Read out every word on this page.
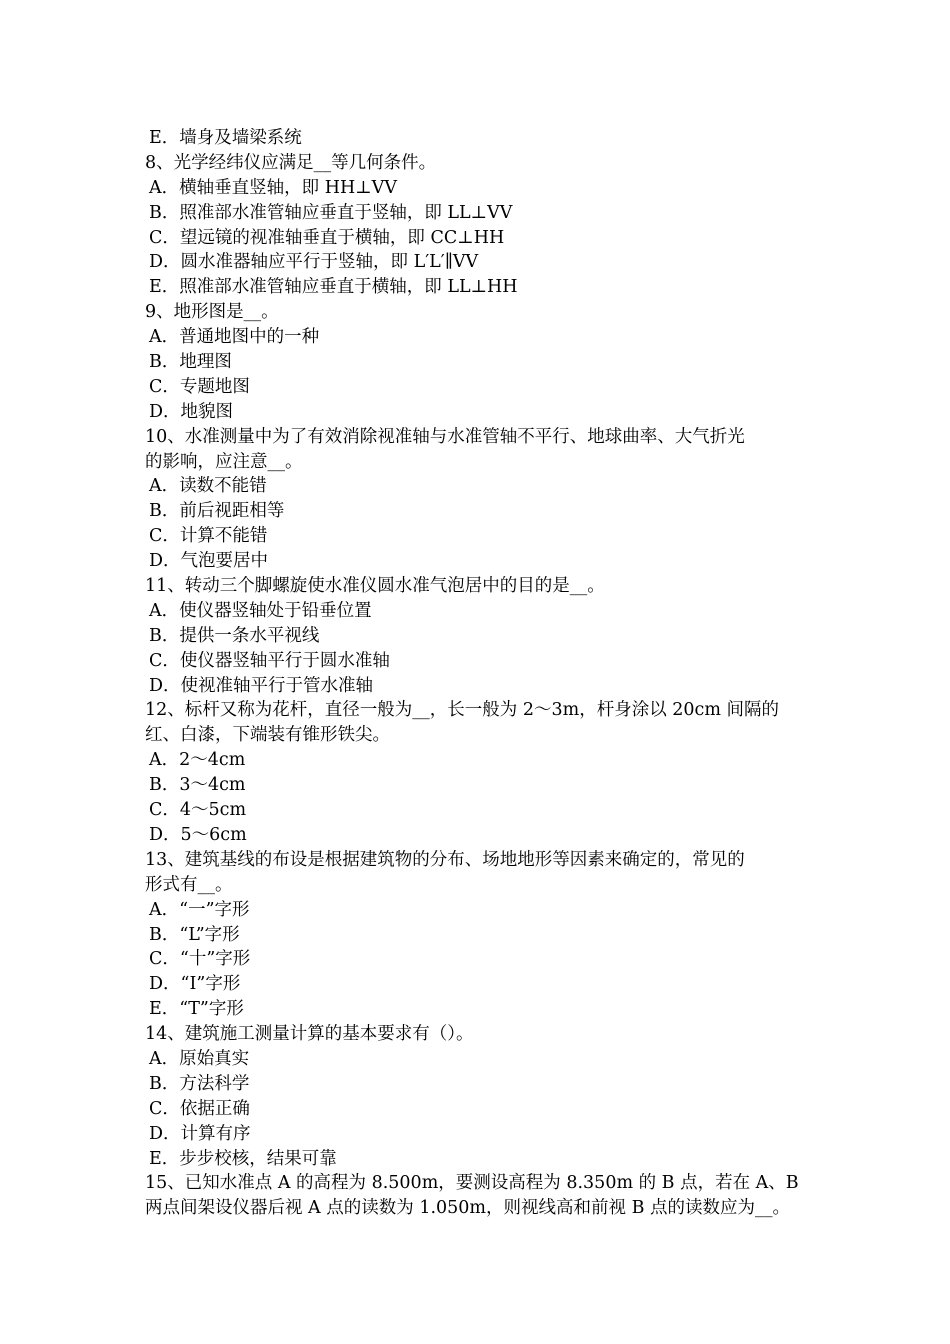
E．墙身及墙梁系统
8、光学经纬仪应满足__等几何条件。
A．横轴垂直竖轴，即 HH⊥VV
B．照准部水准管轴应垂直于竖轴，即 LL⊥VV
C．望远镜的视准轴垂直于横轴，即 CC⊥HH
D．圆水准器轴应平行于竖轴，即 L′L′∥VV
E．照准部水准管轴应垂直于横轴，即 LL⊥HH
9、地形图是__。
A．普通地图中的一种
B．地理图
C．专题地图
D．地貌图
10、水准测量中为了有效消除视准轴与水准管轴不平行、地球曲率、大气折光
的影响，应注意__。
A．读数不能错
B．前后视距相等
C．计算不能错
D．气泡要居中
11、转动三个脚螺旋使水准仪圆水准气泡居中的目的是__。
A．使仪器竖轴处于铅垂位置
B．提供一条水平视线
C．使仪器竖轴平行于圆水准轴
D．使视准轴平行于管水准轴
12、标杆又称为花杆，直径一般为__，长一般为 2～3m，杆身涂以 20cm 间隔的
红、白漆，下端装有锥形铁尖。
A．2～4cm
B．3～4cm
C．4～5cm
D．5～6cm
13、建筑基线的布设是根据建筑物的分布、场地地形等因素来确定的，常见的
形式有__。
A．“一”字形
B．“L”字形
C．“十”字形
D．“I”字形
E．“T”字形
14、建筑施工测量计算的基本要求有（）。
A．原始真实
B．方法科学
C．依据正确
D．计算有序
E．步步校核，结果可靠
15、已知水准点 A 的高程为 8.500m，要测设高程为 8.350m 的 B 点，若在 A、B
两点间架设仪器后视 A 点的读数为 1.050m，则视线高和前视 B 点的读数应为__。
